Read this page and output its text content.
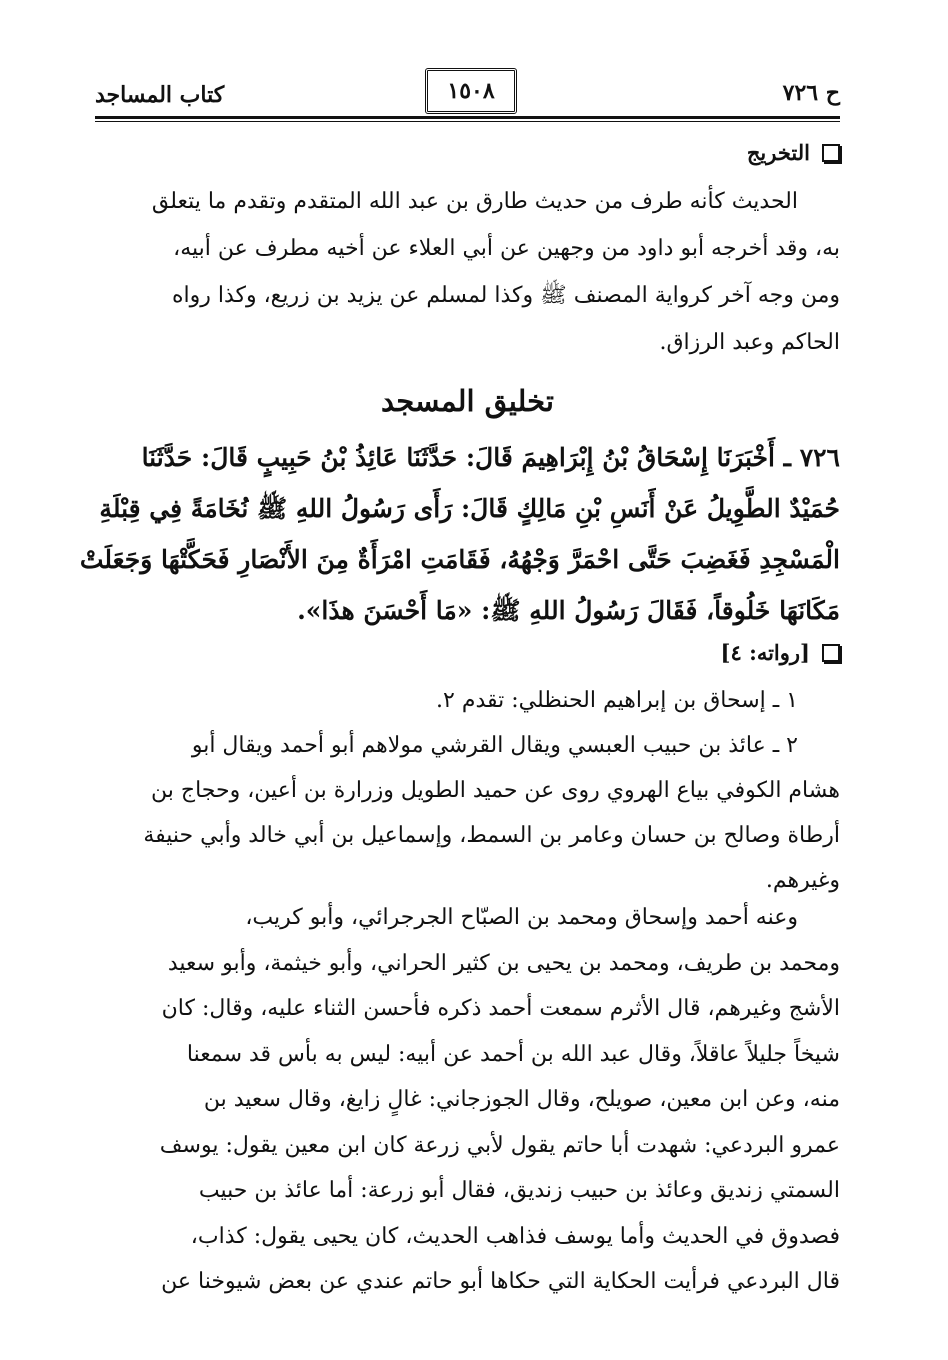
كتاب المساجد	١٥٠٨	ح ٧٢٦
التخريج
الحديث كأنه طرف من حديث طارق بن عبد الله المتقدم وتقدم ما يتعلق
به، وقد أخرجه أبو داود من وجهين عن أبي العلاء عن أخيه مطرف عن أبيه،
ومن وجه آخر كرواية المصنف ﷺ وكذا لمسلم عن يزيد بن زريع، وكذا رواه
الحاكم وعبد الرزاق.
تخليق المسجد
٧٢٦ ـ أَخْبَرَنَا إِسْحَاقُ بْنُ إِبْرَاهِيمَ قَالَ: حَدَّثَنَا عَائِذُ بْنُ حَبِيبٍ قَالَ: حَدَّثَنَا
حُمَيْدٌ الطَّوِيلُ عَنْ أَنَسِ بْنِ مَالِكٍ قَالَ: رَأَى رَسُولُ اللهِ ﷺ نُخَامَةً فِي قِبْلَةِ
الْمَسْجِدِ فَغَضِبَ حَتَّى احْمَرَّ وَجْهُهُ، فَقَامَتِ امْرَأَةٌ مِنَ الأَنْصَارِ فَحَكَّتْهَا وَجَعَلَتْ
مَكَانَهَا خَلُوقاً، فَقَالَ رَسُولُ اللهِ ﷺ: «مَا أَحْسَنَ هذَا».
[رواته: ٤]
١ ـ إسحاق بن إبراهيم الحنظلي: تقدم ٢.
٢ ـ عائذ بن حبيب العبسي ويقال القرشي مولاهم أبو أحمد ويقال أبو
هشام الكوفي بياع الهروي روى عن حميد الطويل وزرارة بن أعين، وحجاج بن
أرطاة وصالح بن حسان وعامر بن السمط، وإسماعيل بن أبي خالد وأبي حنيفة
وغيرهم.
وعنه أحمد وإسحاق ومحمد بن الصبّاح الجرجرائي، وأبو كريب،
ومحمد بن طريف، ومحمد بن يحيى بن كثير الحراني، وأبو خيثمة، وأبو سعيد
الأشج وغيرهم، قال الأثرم سمعت أحمد ذكره فأحسن الثناء عليه، وقال: كان
شيخاً جليلاً عاقلاً، وقال عبد الله بن أحمد عن أبيه: ليس به بأس قد سمعنا
منه، وعن ابن معين، صويلح، وقال الجوزجاني: غالٍ زايغ، وقال سعيد بن
عمرو البردعي: شهدت أبا حاتم يقول لأبي زرعة كان ابن معين يقول: يوسف
السمتي زنديق وعائذ بن حبيب زنديق، فقال أبو زرعة: أما عائذ بن حبيب
فصدوق في الحديث وأما يوسف فذاهب الحديث، كان يحيى يقول: كذاب،
قال البردعي فرأيت الحكاية التي حكاها أبو حاتم عندي عن بعض شيوخنا عن
